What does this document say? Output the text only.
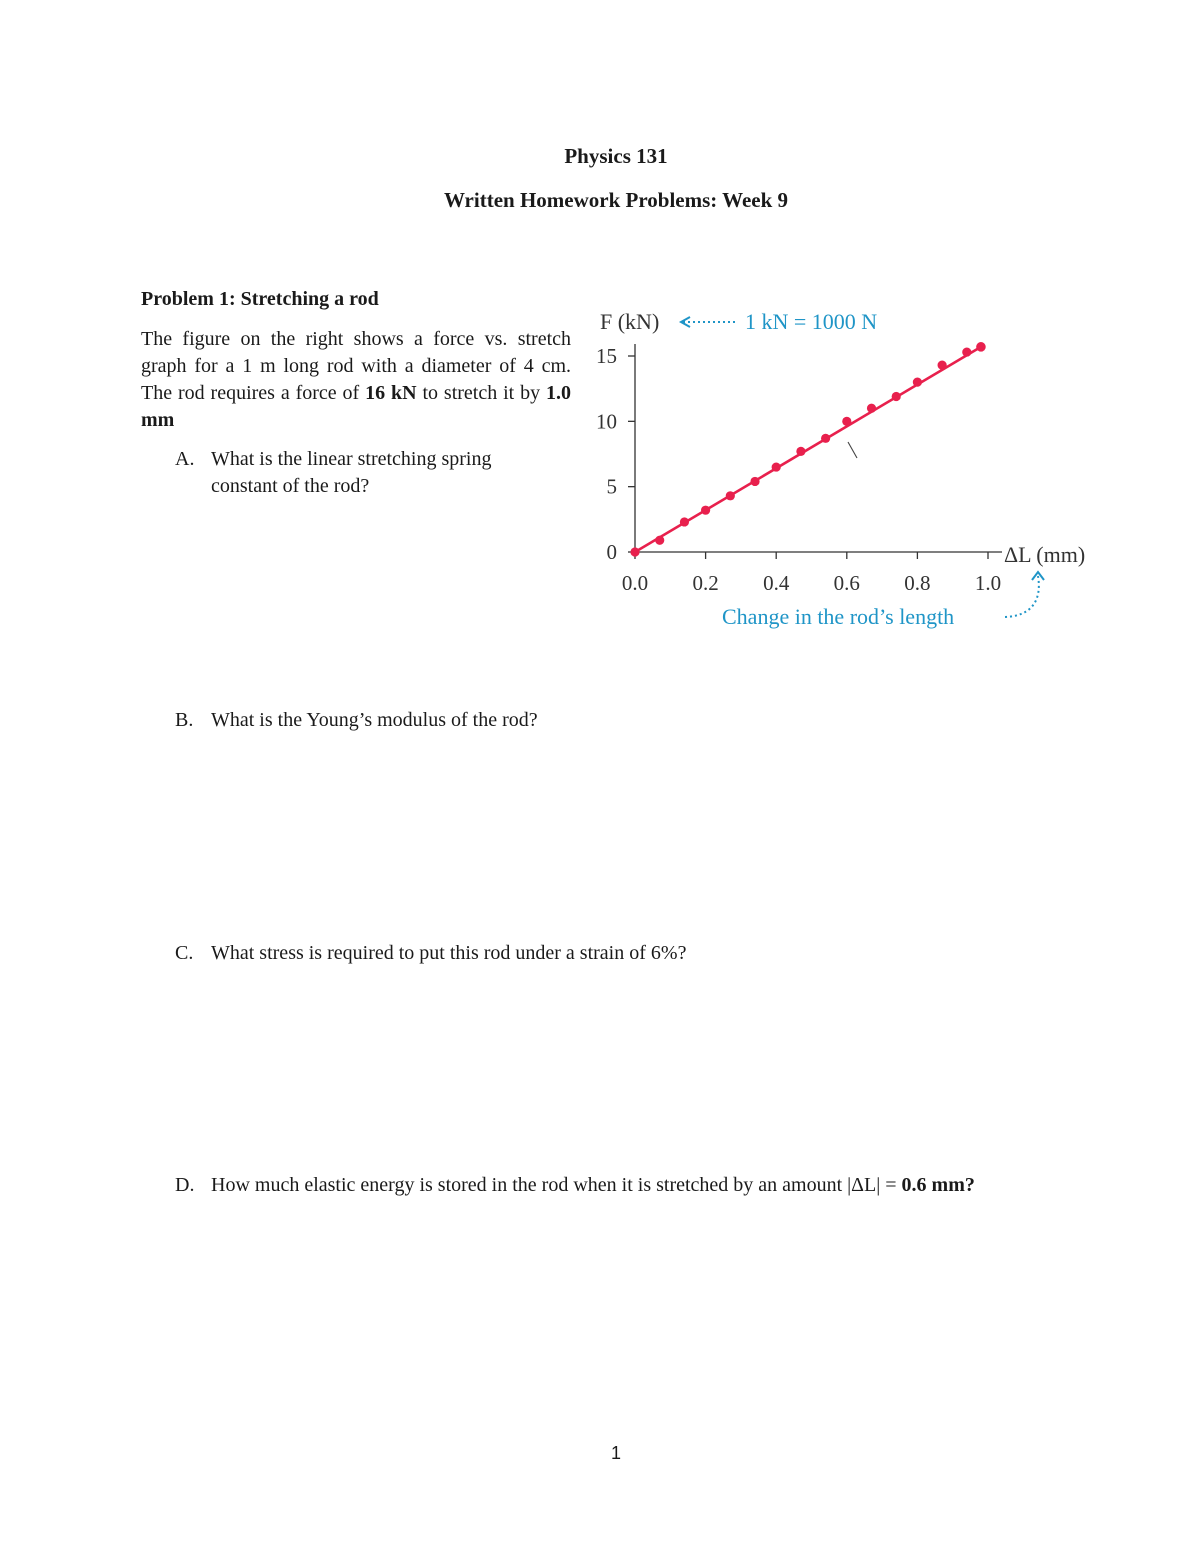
Physics 131
Written Homework Problems: Week 9
Problem 1: Stretching a rod
The figure on the right shows a force vs. stretch graph for a 1 m long rod with a diameter of 4 cm. The rod requires a force of 16 kN to stretch it by 1.0 mm
A. What is the linear stretching spring constant of the rod?
B. What is the Young’s modulus of the rod?
C. What stress is required to put this rod under a strain of 6%?
D. How much elastic energy is stored in the rod when it is stretched by an amount |ΔL| = 0.6 mm?
0
5
10
15
0.0 0.2 0.4 0.6 0.8 1.0
F (kN)	1 kN = 1000 N
ΔL (mm)
Change in the rod’s length
1
